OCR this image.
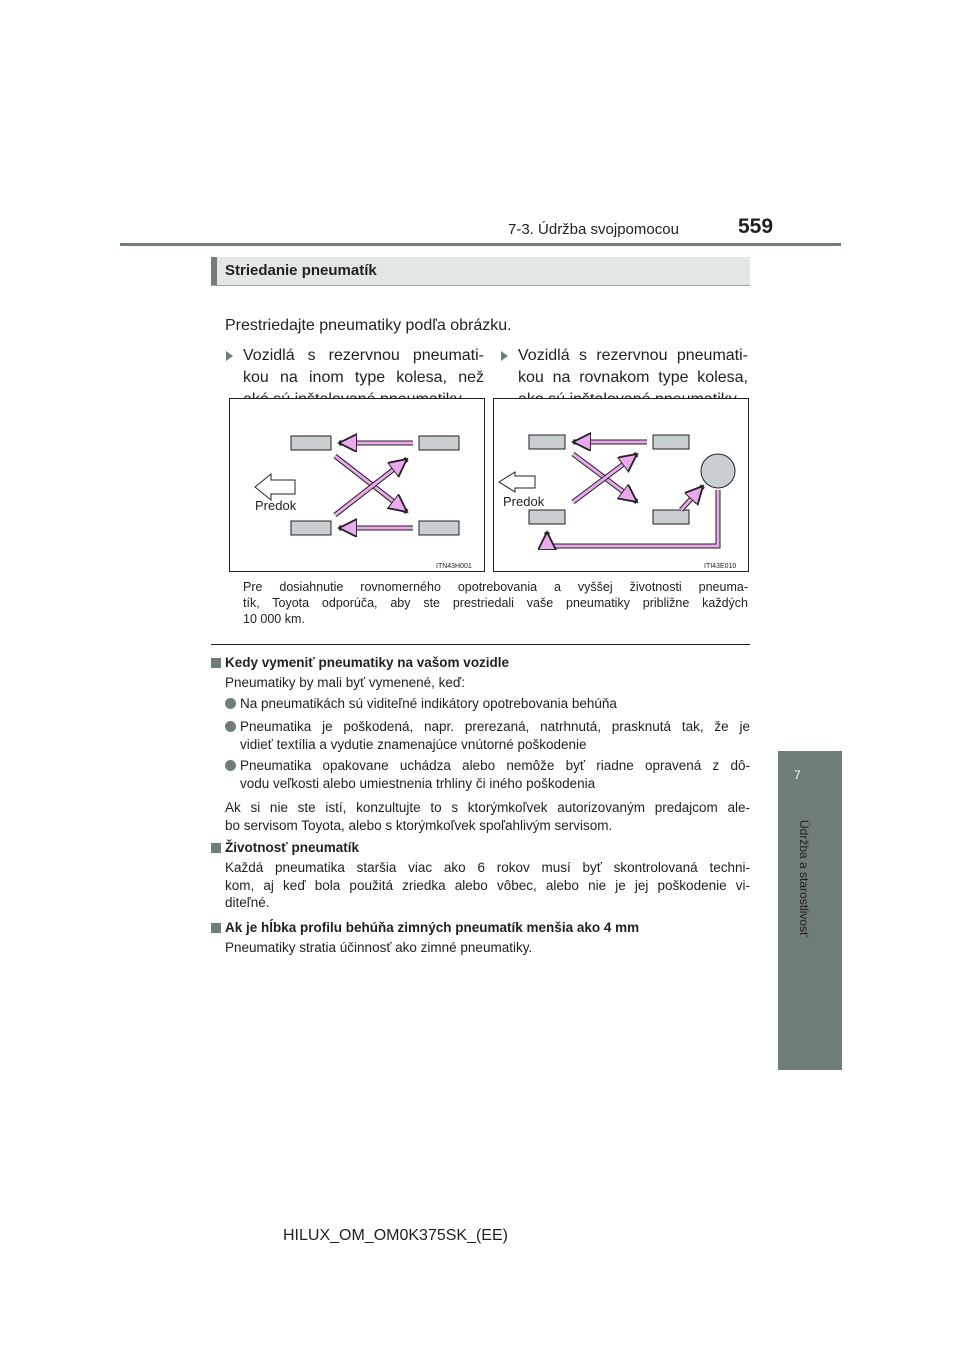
7-3. Údržba svojpomocou	559
7
Údržba a starostlivosť
Striedanie pneumatík
Prestriedajte pneumatiky podľa obrázku.
Vozidlá s rezervnou pneumati-
kou na inom type kolesa, než
Vozidlá s rezervnou pneumati-
kou na rovnakom type kolesa,
Predok
ITN43H001
Predok
ITI43E010
Pre dosiahnutie rovnomerného opotrebovania a vyššej životnosti pneuma-
tík, Toyota odporúča, aby ste prestriedali vaše pneumatiky približne každých
10 000 km.
Kedy vymeniť pneumatiky na vašom vozidle
Pneumatiky by mali byť vymenené, keď:
Na pneumatikách sú viditeľné indikátory opotrebovania behúňa
Pneumatika je poškodená, napr. prerezaná, natrhnutá, prasknutá tak, že je
vidieť textília a vydutie znamenajúce vnútorné poškodenie
Pneumatika opakovane uchádza alebo nemôže byť riadne opravená z dô-
vodu veľkosti alebo umiestnenia trhliny či iného poškodenia
Ak si nie ste istí, konzultujte to s ktorýmkoľvek autorizovaným predajcom ale-
bo servisom Toyota, alebo s ktorýmkoľvek spoľahlivým servisom.
Životnosť pneumatík
Každá pneumatika staršia viac ako 6 rokov musí byť skontrolovaná techni-
kom, aj keď bola použitá zriedka alebo vôbec, alebo nie je jej poškodenie vi-
diteľné.
Ak je hĺbka profilu behúňa zimných pneumatík menšia ako 4 mm
Pneumatiky stratia účinnosť ako zimné pneumatiky.
HILUX_OM_OM0K375SK_(EE)
